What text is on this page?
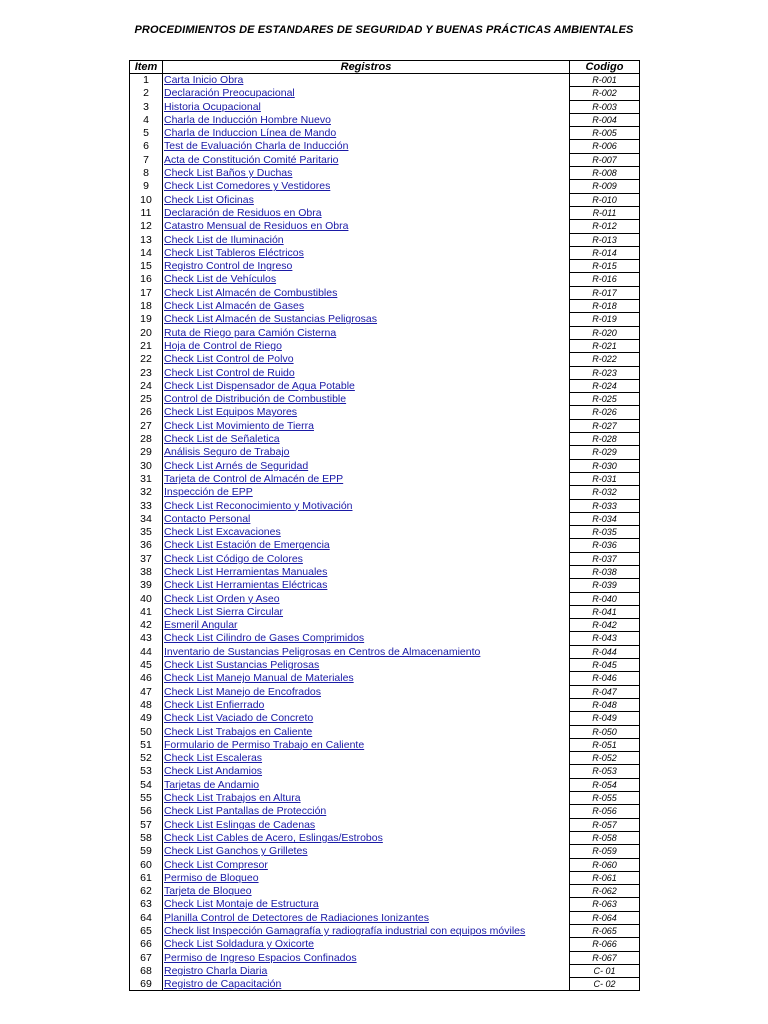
PROCEDIMIENTOS DE ESTANDARES DE SEGURIDAD Y BUENAS PRÁCTICAS AMBIENTALES
Item	Registros	Codigo
1	Carta Inicio Obra	R-001
2	Declaración Preocupacional	R-002
3	Historia Ocupacional	R-003
4	Charla de Inducción Hombre Nuevo	R-004
5	Charla de Induccion Línea de Mando	R-005
6	Test de Evaluación Charla de Inducción	R-006
7	Acta de Constitución Comité Paritario	R-007
8	Check List Baños y Duchas	R-008
9	Check List Comedores y Vestidores	R-009
10	Check List Oficinas	R-010
11	Declaración de Residuos en Obra	R-011
12	Catastro Mensual de Residuos en Obra	R-012
13	Check List de Iluminación	R-013
14	Check List Tableros Eléctricos	R-014
15	Registro Control de Ingreso	R-015
16	Check List de Vehículos	R-016
17	Check List Almacén de Combustibles	R-017
18	Check List Almacén de Gases	R-018
19	Check List Almacén de Sustancias Peligrosas	R-019
20	Ruta de Riego para Camión Cisterna	R-020
21	Hoja de Control de Riego	R-021
22	Check List Control de Polvo	R-022
23	Check List Control de Ruido	R-023
24	Check List Dispensador de Agua Potable	R-024
25	Control de Distribución de Combustible	R-025
26	Check List Equipos Mayores	R-026
27	Check List Movimiento de Tierra	R-027
28	Check List de Señaletica	R-028
29	Análisis Seguro de Trabajo	R-029
30	Check List Arnés de Seguridad	R-030
31	Tarjeta de Control de Almacén de EPP	R-031
32	Inspección de EPP	R-032
33	Check List Reconocimiento y Motivación	R-033
34	Contacto Personal	R-034
35	Check List Excavaciones	R-035
36	Check List Estación de Emergencia	R-036
37	Check List Código de Colores	R-037
38	Check List Herramientas Manuales	R-038
39	Check List Herramientas Eléctricas	R-039
40	Check List Orden y Aseo	R-040
41	Check List Sierra Circular	R-041
42	Esmeril Angular	R-042
43	Check List Cilindro de Gases Comprimidos	R-043
44	Inventario de Sustancias Peligrosas en Centros de Almacenamiento	R-044
45	Check List Sustancias Peligrosas	R-045
46	Check List Manejo Manual de Materiales	R-046
47	Check List Manejo de Encofrados	R-047
48	Check List Enfierrado	R-048
49	Check List Vaciado de Concreto	R-049
50	Check List Trabajos en Caliente	R-050
51	Formulario de Permiso Trabajo en Caliente	R-051
52	Check List Escaleras	R-052
53	Check List Andamios	R-053
54	Tarjetas de Andamio	R-054
55	Check List Trabajos en Altura	R-055
56	Check List Pantallas de Protección	R-056
57	Check List Eslingas de Cadenas	R-057
58	Check List Cables de Acero, Eslingas/Estrobos	R-058
59	Check List Ganchos y Grilletes	R-059
60	Check List Compresor	R-060
61	Permiso de Bloqueo	R-061
62	Tarjeta de Bloqueo	R-062
63	Check List Montaje de Estructura	R-063
64	Planilla Control de Detectores de Radiaciones Ionizantes	R-064
65	Check list Inspección Gamagrafía y radiografía industrial con equipos móviles	R-065
66	Check List Soldadura y Oxicorte	R-066
67	Permiso de Ingreso Espacios Confinados	R-067
68	Registro Charla Diaria	C- 01
69	Registro de Capacitación	C- 02
